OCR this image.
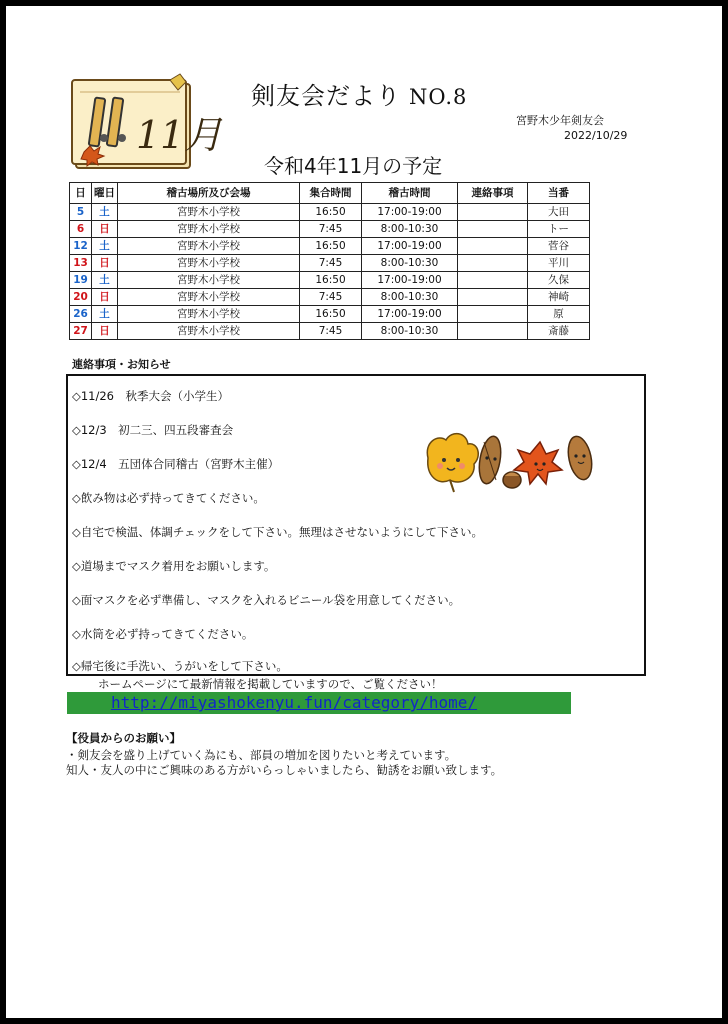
11月
剣友会だより NO.8
宮野木少年剣友会
2022/10/29
令和4年11月の予定
日	曜日	稽古場所及び会場	集合時間	稽古時間	連絡事項	当番
5	土	宮野木小学校	16:50	17:00-19:00		大田
6	日	宮野木小学校	7:45	8:00-10:30		トー
12	土	宮野木小学校	16:50	17:00-19:00		菅谷
13	日	宮野木小学校	7:45	8:00-10:30		平川
19	土	宮野木小学校	16:50	17:00-19:00		久保
20	日	宮野木小学校	7:45	8:00-10:30		神崎
26	土	宮野木小学校	16:50	17:00-19:00		原
27	日	宮野木小学校	7:45	8:00-10:30		斎藤
連絡事項・お知らせ
◇11/26　秋季大会（小学生）
◇12/3　初二三、四五段審査会
◇12/4　五団体合同稽古（宮野木主催）
◇飲み物は必ず持ってきてください。
◇自宅で検温、体調チェックをして下さい。無理はさせないようにして下さい。
◇道場までマスク着用をお願いします。
◇面マスクを必ず準備し、マスクを入れるビニール袋を用意してください。
◇水筒を必ず持ってきてください。
◇帰宅後に手洗い、うがいをして下さい。
ホームページにて最新情報を掲載していますので、ご覧ください！
http://miyashokenyu.fun/category/home/
【役員からのお願い】
・剣友会を盛り上げていく為にも、部員の増加を図りたいと考えています。
知人・友人の中にご興味のある方がいらっしゃいましたら、勧誘をお願い致します。
